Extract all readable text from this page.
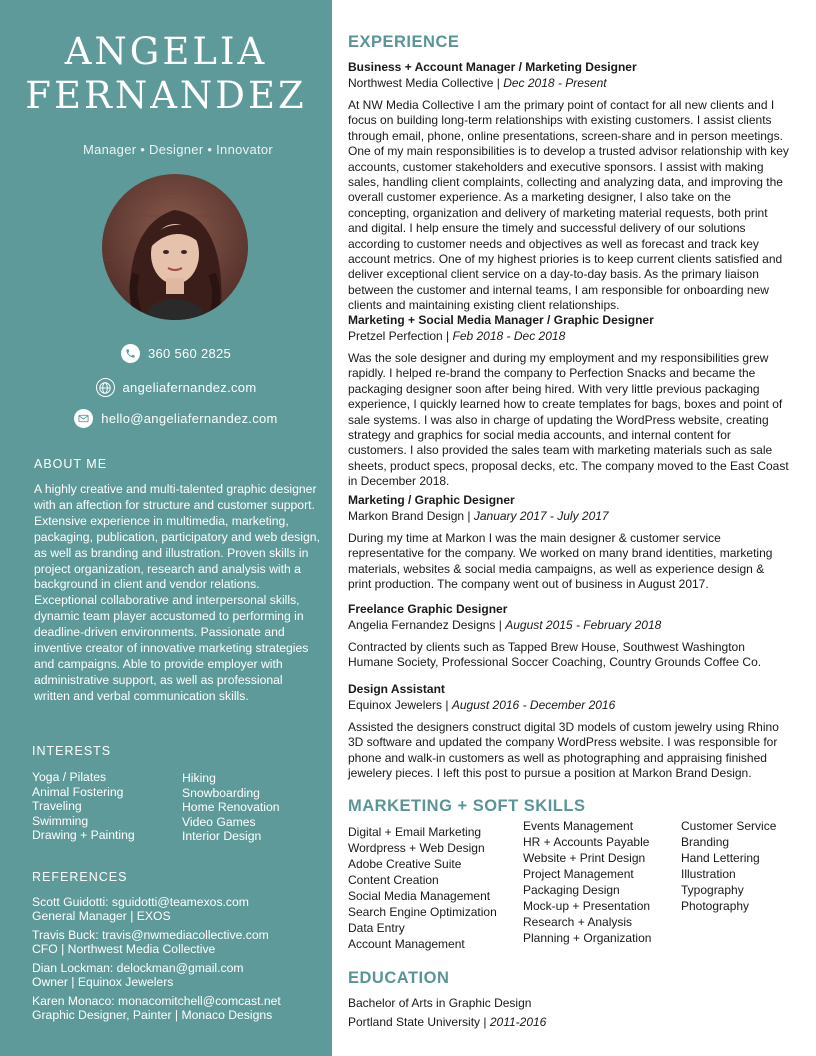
ANGELIA
FERNANDEZ
Manager • Designer • Innovator
360 560 2825
angeliafernandez.com
hello@angeliafernandez.com
ABOUT ME

A highly creative and multi-talented graphic designer with an affection for structure and customer support. Extensive experience in multimedia, marketing, packaging, publication, participatory and web design, as well as branding and illustration. Proven skills in project organization, research and analysis with a background in client and vendor relations. Exceptional collaborative and interpersonal skills, dynamic team player accustomed to performing in deadline-driven environments. Passionate and inventive creator of innovative marketing strategies and campaigns. Able to provide employer with administrative support, as well as professional written and verbal communication skills.

INTERESTS
Yoga / Pilates
Animal Fostering
Traveling
Swimming
Drawing + Painting
Hiking
Snowboarding
Home Renovation
Video Games
Interior Design
REFERENCES
Scott Guidotti: sguidotti@teamexos.com
General Manager | EXOS
Travis Buck: travis@nwmediacollective.com
CFO | Northwest Media Collective
Dian Lockman: delockman@gmail.com
Owner | Equinox Jewelers
Karen Monaco: monacomitchell@comcast.net
Graphic Designer, Painter | Monaco Designs
EXPERIENCE
Business + Account Manager / Marketing Designer
Northwest Media Collective | Dec 2018 - Present

At NW Media Collective I am the primary point of contact for all new clients and I focus on building long-term relationships with existing customers. I assist clients through email, phone, online presentations, screen-share and in person meetings. One of my main responsibilities is to develop a trusted advisor relationship with key accounts, customer stakeholders and executive sponsors. I assist with making sales, handling client complaints, collecting and analyzing data, and improving the overall customer experience. As a marketing designer, I also take on the concepting, organization and delivery of marketing material requests, both print and digital. I help ensure the timely and successful delivery of our solutions according to customer needs and objectives as well as forecast and track key account metrics. One of my highest priories is to keep current clients satisfied and deliver exceptional client service on a day-to-day basis. As the primary liaison between the customer and internal teams, I am responsible for onboarding new clients and maintaining existing client relationships.

Marketing + Social Media Manager / Graphic Designer
Pretzel Perfection | Feb 2018 - Dec 2018

Was the sole designer and during my employment and my responsibilities grew rapidly. I helped re-brand the company to Perfection Snacks and became the packaging designer soon after being hired. With very little previous packaging experience, I quickly learned how to create templates for bags, boxes and point of sale systems. I was also in charge of updating the WordPress website, creating strategy and graphics for social media accounts, and internal content for customers. I also provided the sales team with marketing materials such as sale sheets, product specs, proposal decks, etc. The company moved to the East Coast in December 2018.

Marketing / Graphic Designer
Markon Brand Design | January 2017 - July 2017

During my time at Markon I was the main designer & customer service representative for the company. We worked on many brand identities, marketing materials, websites & social media campaigns, as well as experience design & print production. The company went out of business in August 2017.

Freelance Graphic Designer
Angelia Fernandez Designs | August 2015 - February 2018

Contracted by clients such as Tapped Brew House, Southwest Washington Humane Society, Professional Soccer Coaching, Country Grounds Coffee Co.

Design Assistant
Equinox Jewelers | August 2016 - December 2016

Assisted the designers construct digital 3D models of custom jewelry using Rhino 3D software and updated the company WordPress website. I was responsible for phone and walk-in customers as well as photographing and appraising finished jewelery pieces. I left this post to pursue a position at Markon Brand Design.

MARKETING + SOFT SKILLS
Digital + Email Marketing
Wordpress + Web Design
Adobe Creative Suite
Content Creation
Social Media Management
Search Engine Optimization
Data Entry
Account Management
Events Management
HR + Accounts Payable
Website + Print Design
Project Management
Packaging Design
Mock-up + Presentation
Research + Analysis
Planning + Organization
Customer Service
Branding
Hand Lettering
Illustration
Typography
Photography
EDUCATION
Bachelor of Arts in Graphic Design
Portland State University | 2011-2016
